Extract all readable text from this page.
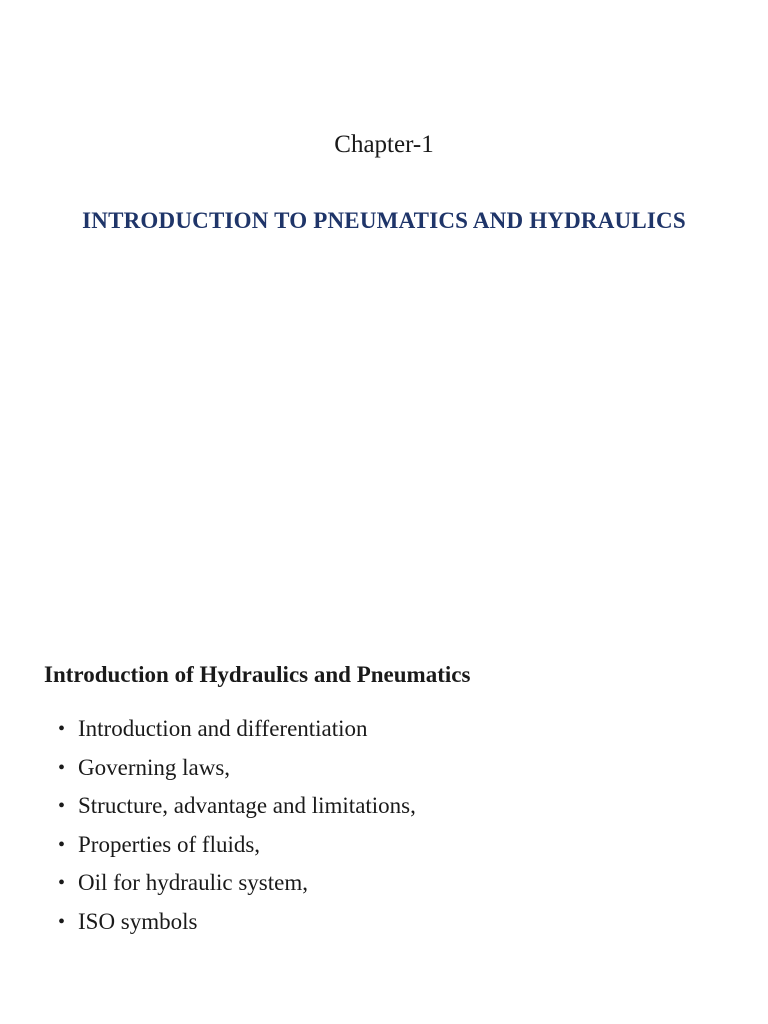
Chapter-1
INTRODUCTION TO PNEUMATICS AND HYDRAULICS
Introduction of Hydraulics and Pneumatics
• Introduction and differentiation
• Governing laws,
• Structure, advantage and limitations,
• Properties of fluids,
• Oil for hydraulic system,
• ISO symbols
